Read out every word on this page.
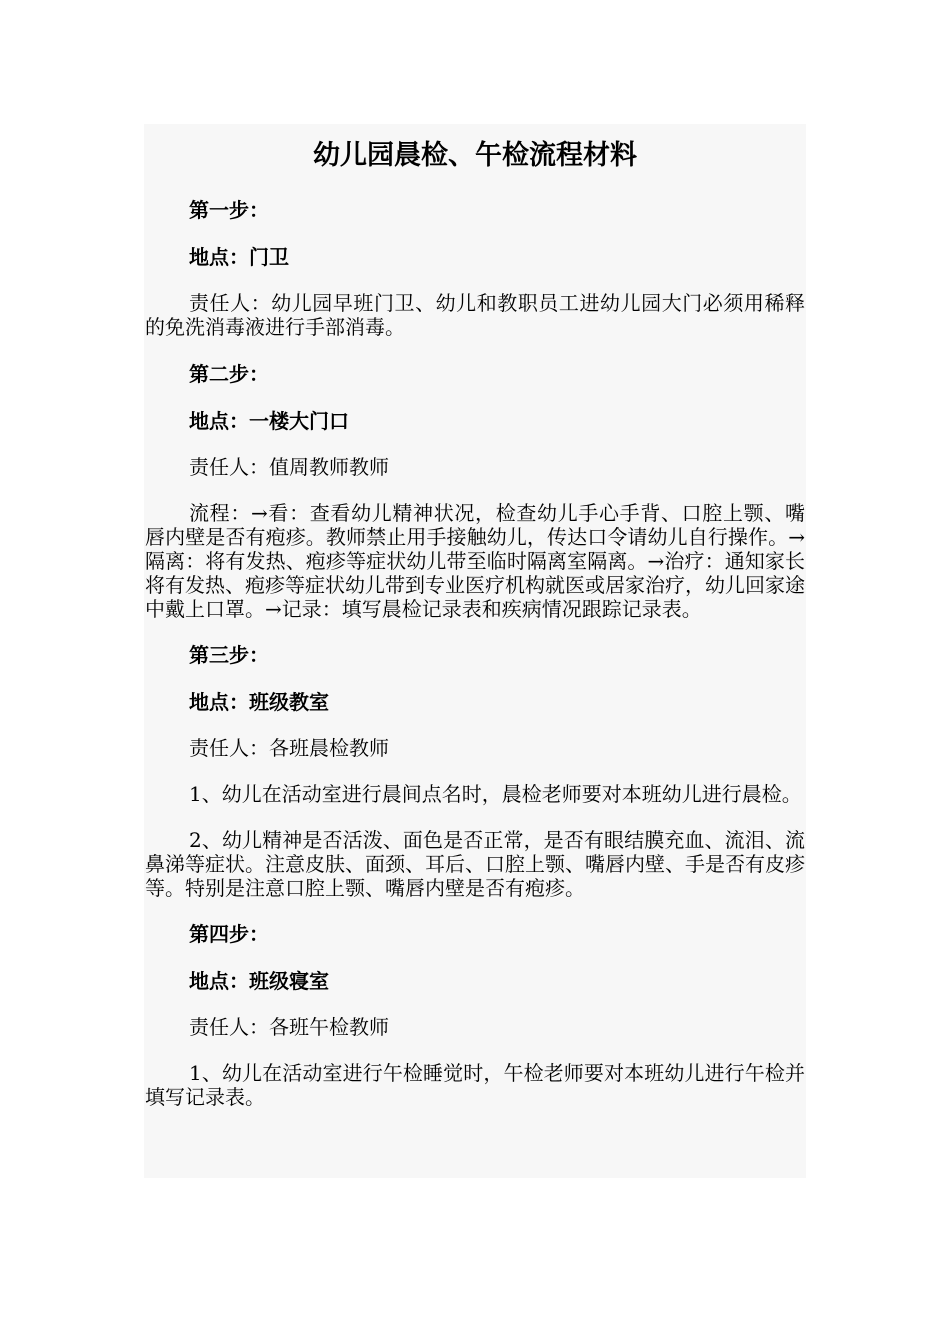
幼儿园晨检、午检流程材料

第一步：

地点：门卫

责任人：幼儿园早班门卫、幼儿和教职员工进幼儿园大门必须用稀释的免洗消毒液进行手部消毒。

第二步：

地点：一楼大门口

责任人：值周教师教师

流程：→看：查看幼儿精神状况，检查幼儿手心手背、口腔上颚、嘴唇内壁是否有疱疹。教师禁止用手接触幼儿，传达口令请幼儿自行操作。→隔离：将有发热、疱疹等症状幼儿带至临时隔离室隔离。→治疗：通知家长将有发热、疱疹等症状幼儿带到专业医疗机构就医或居家治疗，幼儿回家途中戴上口罩。→记录：填写晨检记录表和疾病情况跟踪记录表。

第三步：

地点：班级教室

责任人：各班晨检教师

1、幼儿在活动室进行晨间点名时，晨检老师要对本班幼儿进行晨检。

2、幼儿精神是否活泼、面色是否正常，是否有眼结膜充血、流泪、流鼻涕等症状。注意皮肤、面颈、耳后、口腔上颚、嘴唇内壁、手是否有皮疹等。特别是注意口腔上颚、嘴唇内壁是否有疱疹。

第四步：

地点：班级寝室

责任人：各班午检教师

1、幼儿在活动室进行午检睡觉时，午检老师要对本班幼儿进行午检并填写记录表。
